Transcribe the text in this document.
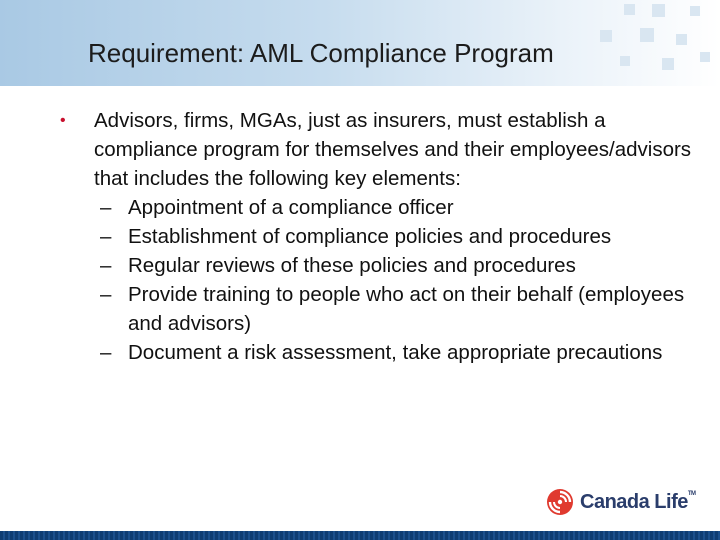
Requirement: AML Compliance Program
• Advisors, firms, MGAs, just as insurers, must establish a compliance program for themselves and their employees/advisors that includes the following key elements:
– Appointment of a compliance officer
– Establishment of compliance policies and procedures
– Regular reviews of these policies and procedures
– Provide training to people who act on their behalf (employees and advisors)
– Document a risk assessment, take appropriate precautions
Canada Life™
